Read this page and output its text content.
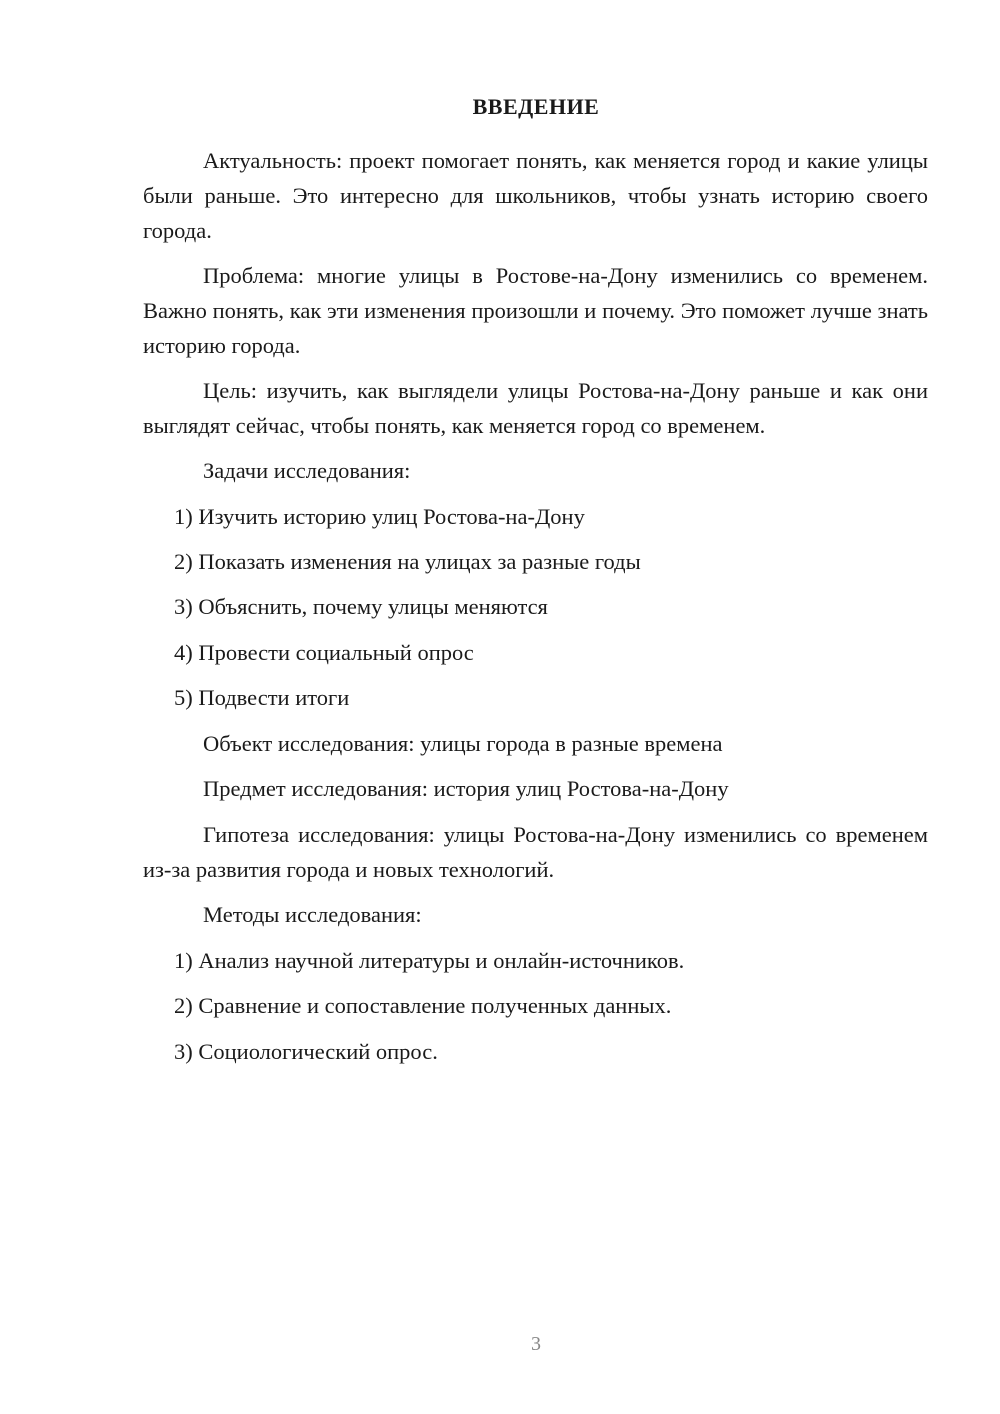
ВВЕДЕНИЕ

Актуальность: проект помогает понять, как меняется город и какие улицы были раньше. Это интересно для школьников, чтобы узнать историю своего города.

Проблема: многие улицы в Ростове-на-Дону изменились со временем. Важно понять, как эти изменения произошли и почему. Это поможет лучше знать историю города.

Цель: изучить, как выглядели улицы Ростова-на-Дону раньше и как они выглядят сейчас, чтобы понять, как меняется город со временем.

Задачи исследования:
1) Изучить историю улиц Ростова-на-Дону
2) Показать изменения на улицах за разные годы
3) Объяснить, почему улицы меняются
4) Провести социальный опрос
5) Подвести итоги
Объект исследования: улицы города в разные времена
Предмет исследования: история улиц Ростова-на-Дону

Гипотеза исследования: улицы Ростова-на-Дону изменились со временем из-за развития города и новых технологий.

Методы исследования:
1) Анализ научной литературы и онлайн-источников.
2) Сравнение и сопоставление полученных данных.
3) Социологический опрос.
3
